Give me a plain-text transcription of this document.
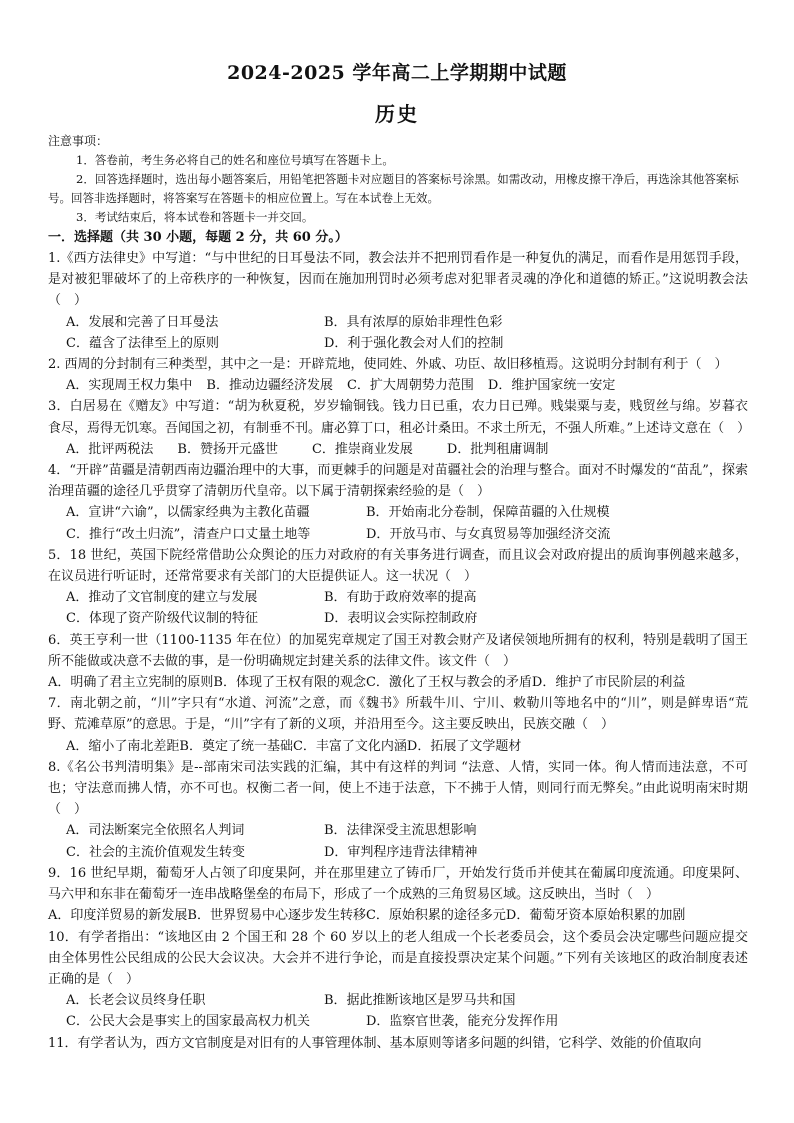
2024-2025 学年高二上学期期中试题
历史
注意事项：
1．答卷前，考生务必将自己的姓名和座位号填写在答题卡上。
2．回答选择题时，选出每小题答案后，用铅笔把答题卡对应题目的答案标号涂黑。如需改动，用橡皮擦干净后，再选涂其他答案标号。回答非选择题时，将答案写在答题卡的相应位置上。写在本试卷上无效。
3．考试结束后，将本试卷和答题卡一并交回。
一．选择题（共 30 小题，每题 2 分，共 60 分。）
1.《西方法律史》中写道：“与中世纪的日耳曼法不同，教会法并不把刑罚看作是一种复仇的满足，而看作是用惩罚手段，是对被犯罪破坏了的上帝秩序的一种恢复，因而在施加刑罚时必须考虑对犯罪者灵魂的净化和道德的矫正。”这说明教会法（　）
A．发展和完善了日耳曼法	B．具有浓厚的原始非理性色彩
C．蕴含了法律至上的原则	D．利于强化教会对人们的控制
2. 西周的分封制有三种类型，其中之一是：开辟荒地，使同姓、外戚、功臣、故旧移植焉。这说明分封制有利于（　）
A．实现周王权力集中 B．推动边疆经济发展 C．扩大周朝势力范围 D．维护国家统一安定
3．白居易在《赠友》中写道：“胡为秋夏税，岁岁输铜钱。钱力日已重，农力日已殚。贱粜粟与麦，贱贸丝与绵。岁暮衣食尽，焉得无饥寒。吾闻国之初，有制垂不刊。庸必算丁口，租必计桑田。不求土所无，不强人所难。”上述诗文意在（　）
A．批评两税法 B．赞扬开元盛世	C．推崇商业发展	D．批判租庸调制
4．“开辟”苗疆是清朝西南边疆治理中的大事，而更棘手的问题是对苗疆社会的治理与整合。面对不时爆发的“苗乱”，探索治理苗疆的途径几乎贯穿了清朝历代皇帝。以下属于清朝探索经验的是（　）
A．宣讲“六谕”，以儒家经典为主教化苗疆	B．开始南北分卷制，保障苗疆的入仕规模
C．推行“改土归流”，清查户口丈量土地等	D．开放马市、与女真贸易等加强经济交流
5．18 世纪，英国下院经常借助公众舆论的压力对政府的有关事务进行调查，而且议会对政府提出的质询事例越来越多，在议员进行听证时，还常常要求有关部门的大臣提供证人。这一状况（　）
A．推动了文官制度的建立与发展	B．有助于政府效率的提高
C．体现了资产阶级代议制的特征	D．表明议会实际控制政府
6．英王亨利一世（1100-1135 年在位）的加冕宪章规定了国王对教会财产及诸侯领地所拥有的权利，特别是载明了国王所不能做或决意不去做的事，是一份明确规定封建关系的法律文件。该文件（　）
A．明确了君主立宪制的原则 B．体现了王权有限的观念 C．激化了王权与教会的矛盾 D．维护了市民阶层的利益
7．南北朝之前，“川”字只有“水道、河流”之意，而《魏书》所载牛川、宁川、敕勒川等地名中的“川”，则是鲜卑语“荒野、荒滩草原”的意思。于是，“川”字有了新的义项，并沿用至今。这主要反映出，民族交融（　）
A．缩小了南北差距 B．奠定了统一基础 C．丰富了文化内涵 D．拓展了文学题材
8.《名公书判清明集》是--部南宋司法实践的汇编，其中有这样的判词 “法意、人情，实同一体。徇人情而违法意，不可也；守法意而拂人情，亦不可也。权衡二者一间，使上不违于法意，下不拂于人情，则同行而无弊矣。”由此说明南宋时期（　）
A．司法断案完全依照名人判词	B．法律深受主流思想影响
C．社会的主流价值观发生转变	D．审判程序违背法律精神
9．16 世纪早期，葡萄牙人占领了印度果阿，并在那里建立了铸币厂，开始发行货币并使其在葡属印度流通。印度果阿、马六甲和东非在葡萄牙一连串战略堡垒的布局下，形成了一个成熟的三角贸易区域。这反映出，当时（　）
A．印度洋贸易的新发展 B．世界贸易中心逐步发生转移 C．原始积累的途径多元 D．葡萄牙资本原始积累的加剧
10．有学者指出：“该地区由 2 个国王和 28 个 60 岁以上的老人组成一个长老委员会，这个委员会决定哪些问题应提交由全体男性公民组成的公民大会议决。大会并不进行争论，而是直接投票决定某个问题。”下列有关该地区的政治制度表述正确的是（　）
A．长老会议员终身任职	B．据此推断该地区是罗马共和国
C．公民大会是事实上的国家最高权力机关	D．监察官世袭，能充分发挥作用
11．有学者认为，西方文官制度是对旧有的人事管理体制、基本原则等诸多问题的纠错，它科学、效能的价值取向
